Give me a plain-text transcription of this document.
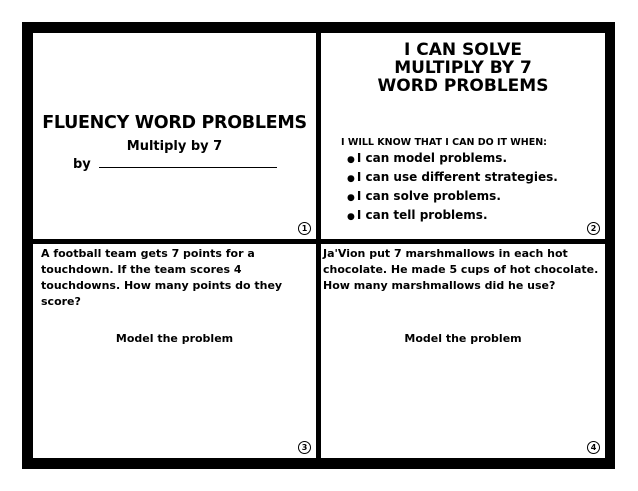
FLUENCY WORD PROBLEMS
Multiply by 7
by
1
I CAN SOLVE
MULTIPLY BY 7
WORD PROBLEMS
I WILL KNOW THAT I CAN DO IT WHEN:
● I can model problems.
● I can use different strategies.
● I can solve problems.
● I can tell problems.
2
A football team gets 7 points for a touchdown. If the team scores 4 touchdowns. How many points do they score?
Model the problem
3
Ja'Vion put 7 marshmallows in each hot chocolate. He made 5 cups of hot chocolate. How many marshmallows did he use?
Model the problem
4
